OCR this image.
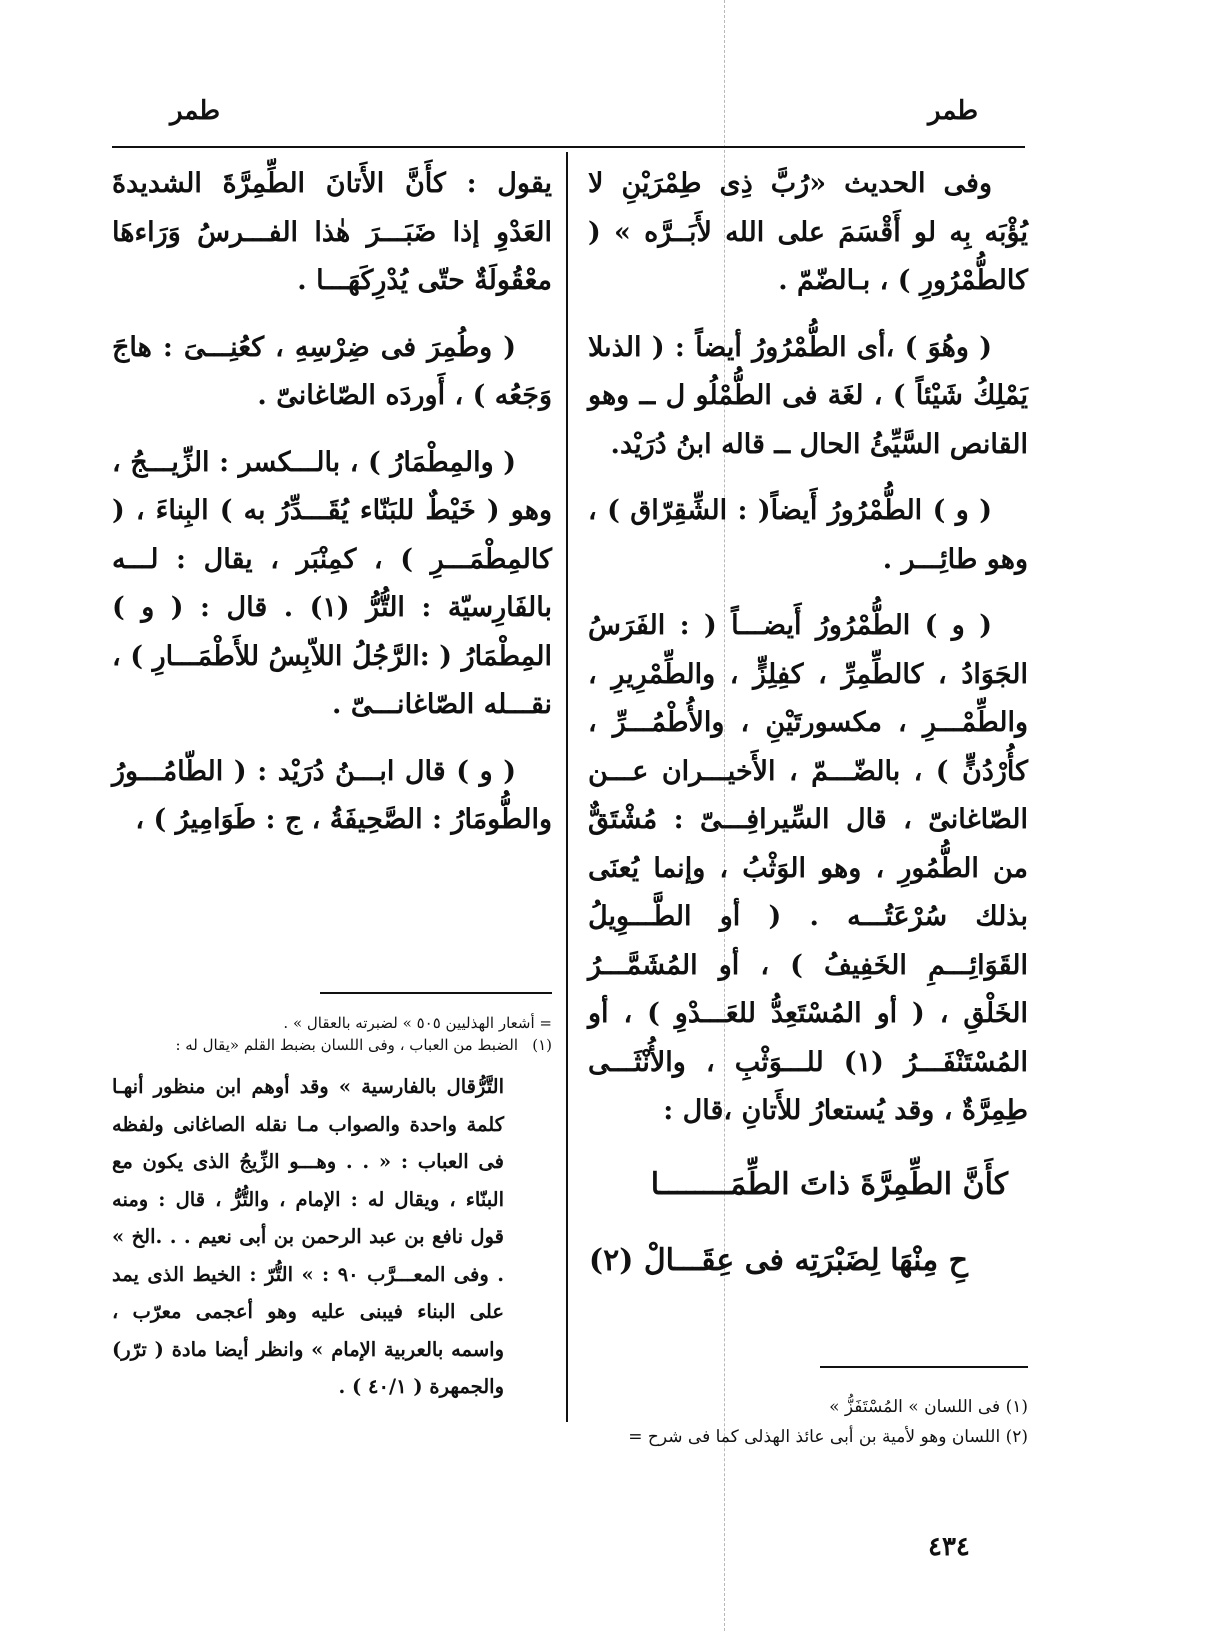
طمر
طمر

وفى الحديث «رُبَّ ذِى طِمْرَيْنِ لا يُؤْبَه بِه لو أَقْسَمَ على الله لأَبَــرَّه » ( كالطُّمْرُورِ ) ، بـالضّمّ .

( وهُوَ ) ،أى الطُّمْرُورُ أيضاً : ( الذىلا يَمْلِكُ شَيْئاً ) ، لغَة فى الطُّمْلُو ل ــ وهو القانص السَّيِّئُ الحال ــ قاله ابنُ دُرَيْد.

( و ) الطُّمْرُورُ أَيضاً( : الشِّقِرّاق ) ، وهو طائِـــر .

( و ) الطُّمْرُورُ أَيضـــاً ( : الفَرَسُ الجَوَادُ ، كالطِّمِرِّ ، كفِلِزٍّ ، والطِّمْرِيرِ ، والطِّمْـــرِ ، مكسورتَيْنِ ، والأُطْمُـــرِّ ، كأُرْدُنٍّ ) ، بالضّـــمّ ، الأَخيـــران عـــن الصّاغانىّ ، قال السِّيرافِـــىّ : مُشْتَقٌّ من الطُّمُورِ ، وهو الوَثْبُ ، وإنما يُعنَى بذلك سُرْعَتُـــه . ( أو الطَّـــوِيلُ القَوَائِـــمِ الخَفِيفُ ) ، أو المُشَمَّـــرُ الخَلْقِ ، ( أو المُسْتَعِدُّ للعَـــدْوِ ) ، أو المُسْتَنْفَـــرُ (١) للـــوَثْبِ ، والأُنْثَـــى طِمِرَّةٌ ، وقد يُستعارُ للأَتانِ ،قال :

كأَنَّ الطِّمِرَّةَ ذاتَ الطِّمَــــــــا
حِ مِنْهَا لِضَبْرَتِه فى عِقَـــالْ (٢)

يقول : كأَنَّ الأَتانَ الطِّمِرَّةَ الشديدةَ العَدْوِ إذا ضَبَـــرَ هٰذا الفـــرسُ وَرَاءهَا معْقُولَةٌ حتّى يُدْرِكَهَـــا .

( وطُمِرَ فى ضِرْسِهِ ، كعُنِـــىَ : هاجَ وَجَعُه ) ، أَوردَه الصّاغانىّ .

( والمِطْمَارُ ) ، بالـــكسر : الزِّيـــجُ ، وهو ( خَيْطٌ للبَنّاء يُقَـــدِّرُ به ) البِناءَ ، ( كالمِطْمَـــرِ ) ، كمِنْبَر ، يقال : لـــه بالفَارِسيّة : التُّرُّ (١) . قال : ( و ) المِطْمَارُ ( :الرَّجُلُ اللاّبِسُ للأَطْمَـــارِ ) ، نقـــله الصّاغانـــىّ .

( و ) قال ابـــنُ دُرَيْد : ( الطّامُـــورُ والطُّومَارُ : الصَّحِيفَةُ ، ج : طَوَامِيرُ ) ،

= أشعار الهذليين ٥٠٥ » لضبرته بالعقال » .
(١)الضبط من العباب ، وفى اللسان بضبط القلم «يقال له :
التَّرُّقال بالفارسية » وقد أوهم ابن منظور أنهـا كلمة واحدة والصواب مـا نقله الصاغانى ولفظه فى العباب : « . . وهـــو الزِّيجُ الذى يكون مع البنّاء ، ويقال له : الإمام ، والتُّرُّ ، قال : ومنه قول نافع بن عبد الرحمن بن أبى نعيم . . .الخ » . وفى المعـــرَّب ٩٠ : » التُّرّ : الخيط الذى يمد على البناء فيبنى عليه وهو أعجمى معرّب ، واسمه بالعربية الإمام » وانظر أيضا مادة ( ترّر) والجمهرة ( ٤٠/١ ) .
(١) فى اللسان » المُسْتَفَزُّ »
(٢) اللسان وهو لأمية بن أبى عائذ الهذلى كما فى شرح =
٤٣٤
